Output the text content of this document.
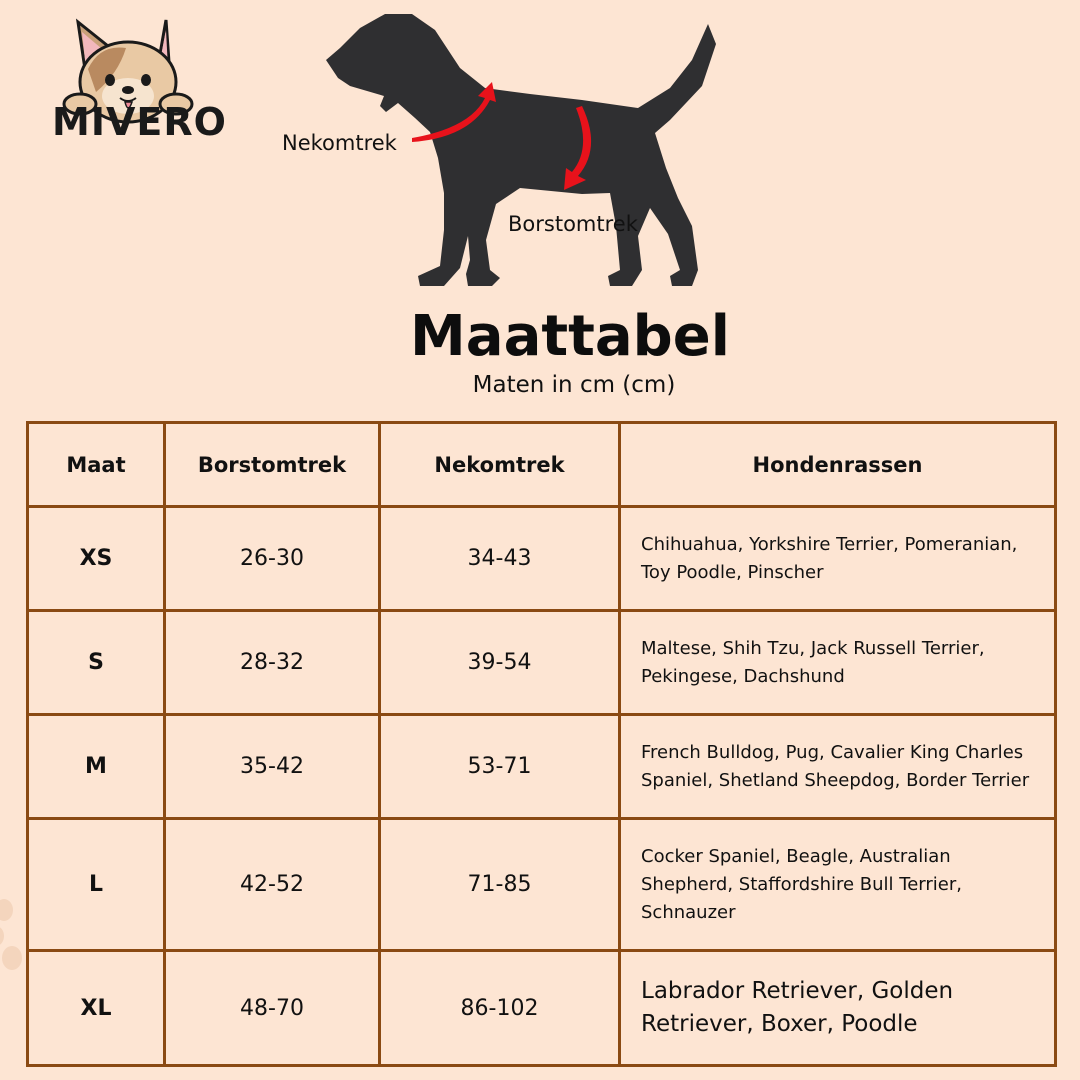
MIVERO	Nekomtrek
Borstomtrek
Maattabel
Maten in cm (cm)
Maat	Borstomtrek	Nekomtrek	Hondenrassen
XS	26-30	34-43	Chihuahua, Yorkshire Terrier, Pomeranian, Toy Poodle, Pinscher
S	28-32	39-54	Maltese, Shih Tzu, Jack Russell Terrier, Pekingese, Dachshund
M	35-42	53-71	French Bulldog, Pug, Cavalier King Charles Spaniel, Shetland Sheepdog, Border Terrier
L	42-52	71-85	Cocker Spaniel, Beagle, Australian Shepherd, Staffordshire Bull Terrier, Schnauzer
XL	48-70	86-102	Labrador Retriever, Golden Retriever, Boxer, Poodle
